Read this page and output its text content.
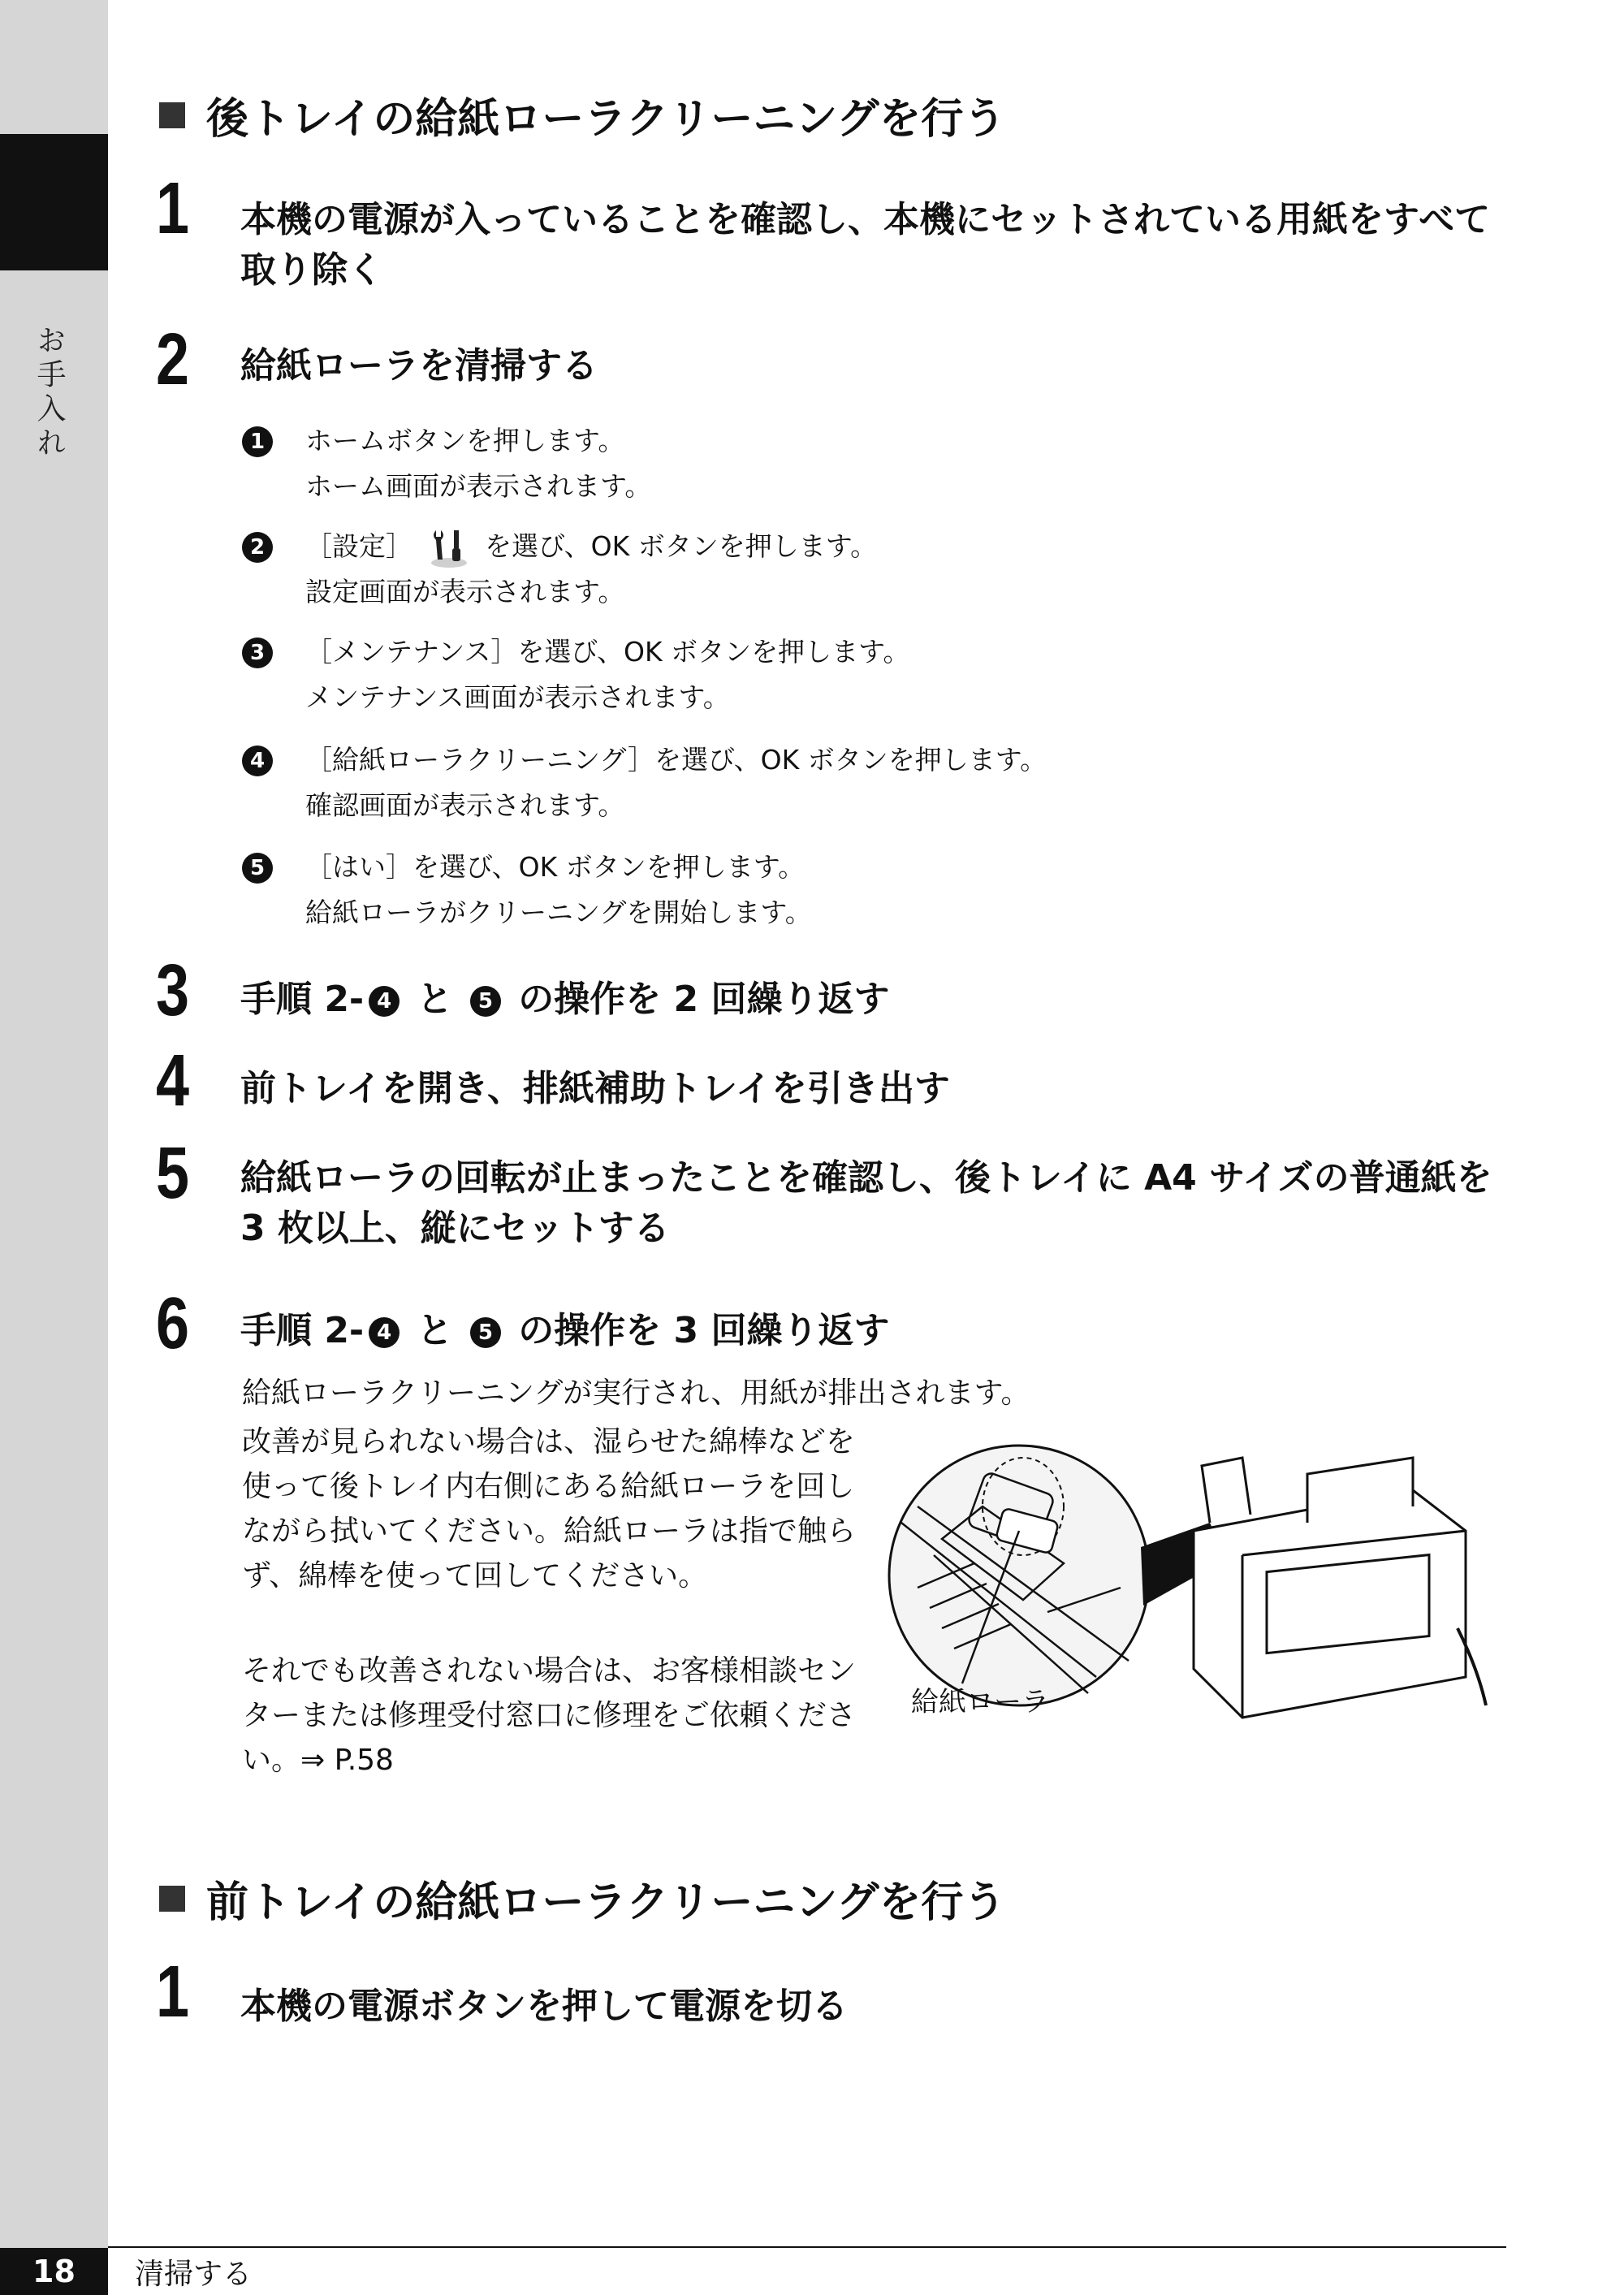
お手入れ
後トレイの給紙ローラクリーニングを行う
1 本機の電源が入っていることを確認し、本機にセットされている用紙をすべて取り除く
2 給紙ローラを清掃する
1	ホームボタンを押します。
ホーム画面が表示されます。
2	［設定］	を選び、OK ボタンを押します。
設定画面が表示されます。
3	［メンテナンス］を選び、OK ボタンを押します。
メンテナンス画面が表示されます。
4	［給紙ローラクリーニング］を選び、OK ボタンを押します。
確認画面が表示されます。
5	［はい］を選び、OK ボタンを押します。
給紙ローラがクリーニングを開始します。
3 手順 2- 4 と 5 の操作を 2 回繰り返す
4 前トレイを開き、排紙補助トレイを引き出す
5 給紙ローラの回転が止まったことを確認し、後トレイに A4 サイズの普通紙を 3 枚以上、縦にセットする
6 手順 2- 4 と 5 の操作を 3 回繰り返す
給紙ローラクリーニングが実行され、用紙が排出されます。
改善が見られない場合は、湿らせた綿棒などを使って後トレイ内右側にある給紙ローラを回しながら拭いてください。給紙ローラは指で触らず、綿棒を使って回してください。
それでも改善されない場合は、お客様相談センターまたは修理受付窓口に修理をご依頼ください。⇒ P.58
給紙ローラ
前トレイの給紙ローラクリーニングを行う
1 本機の電源ボタンを押して電源を切る
18	清掃する
